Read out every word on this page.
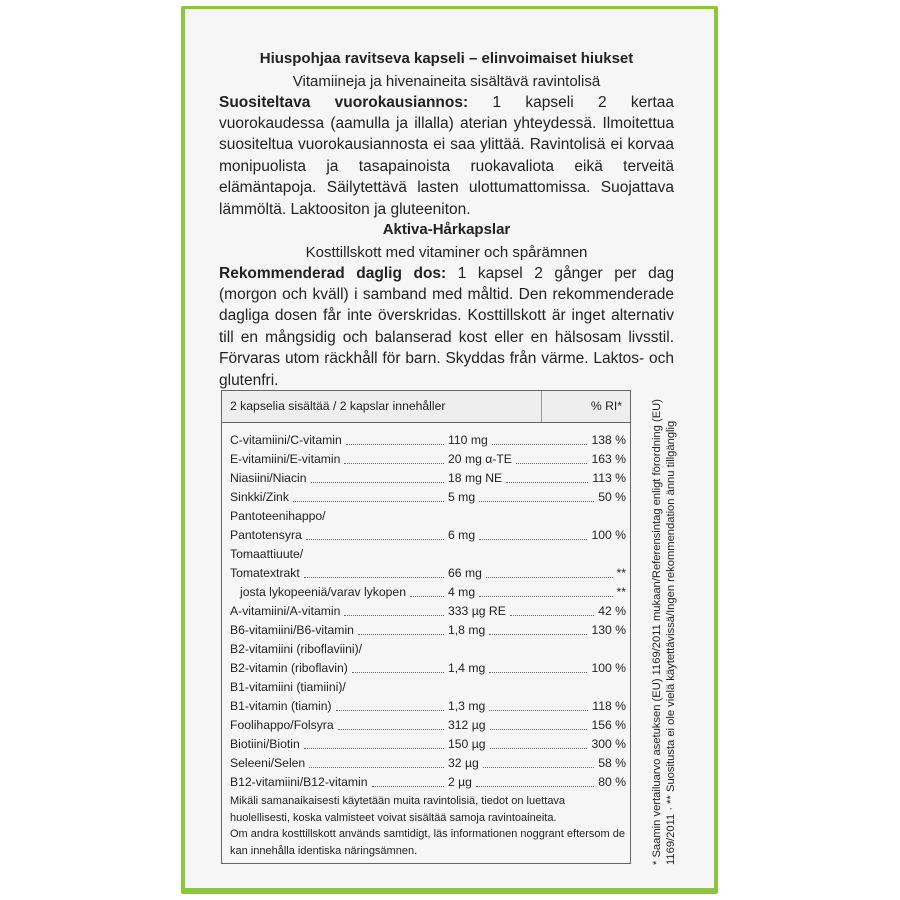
Hiuspohjaa ravitseva kapseli – elinvoimaiset hiukset
Vitamiineja ja hivenaineita sisältävä ravintolisä

Suositeltava vuorokausiannos: 1 kapseli 2 kertaa vuorokaudessa (aamulla ja illalla) aterian yhteydessä. Ilmoitettua suositeltua vuorokausiannosta ei saa ylittää. Ravintolisä ei korvaa monipuolista ja tasapainoista ruokavaliota eikä terveitä elämäntapoja. Säilytettävä lasten ulottumattomissa. Suojattava lämmöltä. Laktoositon ja gluteeniton.

Aktiva-Hårkapslar
Kosttillskott med vitaminer och spårämnen

Rekommenderad daglig dos: 1 kapsel 2 gånger per dag (morgon och kväll) i samband med måltid. Den rekommenderade dagliga dosen får inte överskridas. Kosttillskott är inget alternativ till en mångsidig och balanserad kost eller en hälsosam livsstil. Förvaras utom räckhåll för barn. Skyddas från värme. Laktos- och glutenfri.

2 kapselia sisältää / 2 kapslar innehåller	% RI*
C-vitamiini/C-vitamin	110 mg	138 %
E-vitamiini/E-vitamin	20 mg α-TE	163 %
Niasiini/Niacin	18 mg NE	113 %
Sinkki/Zink	5 mg	50 %
Pantoteenihappo/
Pantotensyra	6 mg	100 %
Tomaattiuute/
Tomatextrakt	66 mg	**
josta lykopeeniä/varav lykopen	4 mg	**
A-vitamiini/A-vitamin	333 µg RE	42 %
B6-vitamiini/B6-vitamin	1,8 mg	130 %
B2-vitamiini (riboflaviini)/
B2-vitamin (riboflavin)	1,4 mg	100 %
B1-vitamiini (tiamiini)/
B1-vitamin (tiamin)	1,3 mg	118 %
Foolihappo/Folsyra	312 µg	156 %
Biotiini/Biotin	150 µg	300 %
Seleeni/Selen	32 µg	58 %
B12-vitamiini/B12-vitamin	2 µg	80 %

Mikäli samanaikaisesti käytetään muita ravintolisiä, tiedot on luettava huolellisesti, koska valmisteet voivat sisältää samoja ravintoaineita.

Om andra kosttillskott används samtidigt, läs informationen noggrant eftersom de kan innehålla identiska näringsämnen.	* Saamin vertailuarvo asetuksen (EU) 1169/2011 mukaan/Referensintag enligt förordning (EU) 1169/2011 · ** Suositusta ei ole vielä käytettävissä/Ingen rekommendation ännu tillgänglig
